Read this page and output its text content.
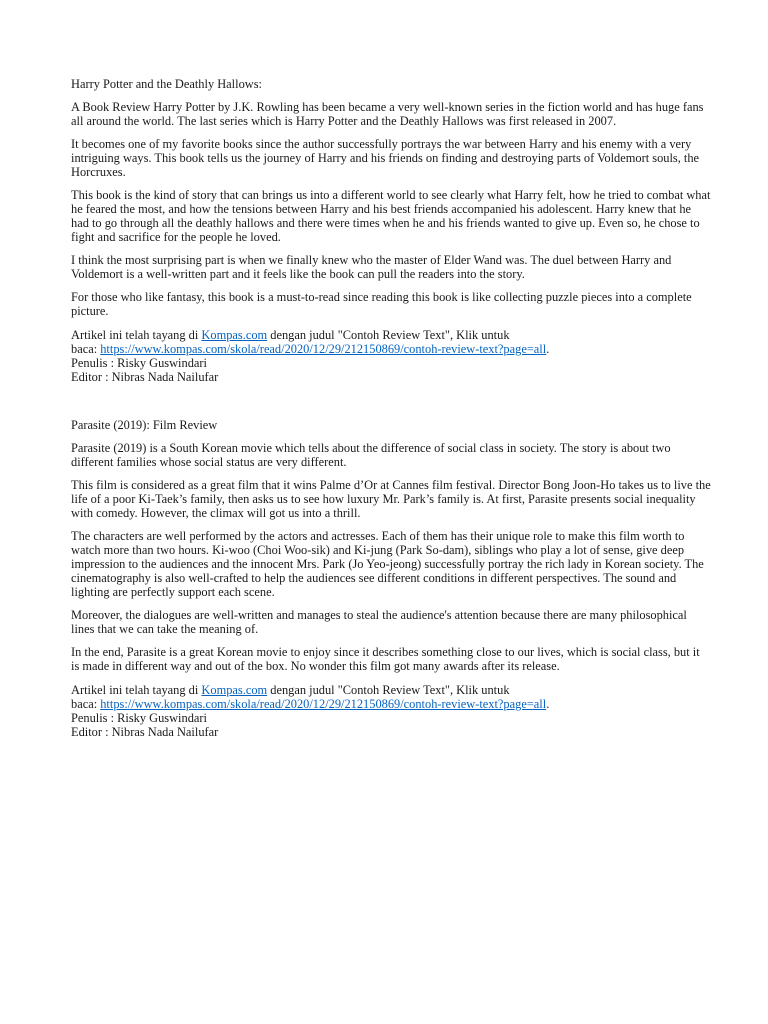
Harry Potter and the Deathly Hallows:

A Book Review Harry Potter by J.K. Rowling has been became a very well-known series in the fiction world and has huge fans all around the world. The last series which is Harry Potter and the Deathly Hallows was first released in 2007.

It becomes one of my favorite books since the author successfully portrays the war between Harry and his enemy with a very intriguing ways. This book tells us the journey of Harry and his friends on finding and destroying parts of Voldemort souls, the Horcruxes.

This book is the kind of story that can brings us into a different world to see clearly what Harry felt, how he tried to combat what he feared the most, and how the tensions between Harry and his best friends accompanied his adolescent. Harry knew that he had to go through all the deathly hallows and there were times when he and his friends wanted to give up. Even so, he chose to fight and sacrifice for the people he loved.

I think the most surprising part is when we finally knew who the master of Elder Wand was. The duel between Harry and Voldemort is a well-written part and it feels like the book can pull the readers into the story.

For those who like fantasy, this book is a must-to-read since reading this book is like collecting puzzle pieces into a complete picture.

Artikel ini telah tayang di Kompas.com dengan judul "Contoh Review Text", Klik untuk

baca: https://www.kompas.com/skola/read/2020/12/29/212150869/contoh-review-text?page=all.

Penulis : Risky Guswindari

Editor : Nibras Nada Nailufar

Parasite (2019): Film Review

Parasite (2019) is a South Korean movie which tells about the difference of social class in society. The story is about two different families whose social status are very different.

This film is considered as a great film that it wins Palme d’Or at Cannes film festival. Director Bong Joon-Ho takes us to live the life of a poor Ki-Taek’s family, then asks us to see how luxury Mr. Park’s family is. At first, Parasite presents social inequality with comedy. However, the climax will got us into a thrill.

The characters are well performed by the actors and actresses. Each of them has their unique role to make this film worth to watch more than two hours. Ki-woo (Choi Woo-sik) and Ki-jung (Park So-dam), siblings who play a lot of sense, give deep impression to the audiences and the innocent Mrs. Park (Jo Yeo-jeong) successfully portray the rich lady in Korean society. The cinematography is also well-crafted to help the audiences see different conditions in different perspectives. The sound and lighting are perfectly support each scene.

Moreover, the dialogues are well-written and manages to steal the audience's attention because there are many philosophical lines that we can take the meaning of.

In the end, Parasite is a great Korean movie to enjoy since it describes something close to our lives, which is social class, but it is made in different way and out of the box. No wonder this film got many awards after its release.

Artikel ini telah tayang di Kompas.com dengan judul "Contoh Review Text", Klik untuk

baca: https://www.kompas.com/skola/read/2020/12/29/212150869/contoh-review-text?page=all.

Penulis : Risky Guswindari

Editor : Nibras Nada Nailufar
